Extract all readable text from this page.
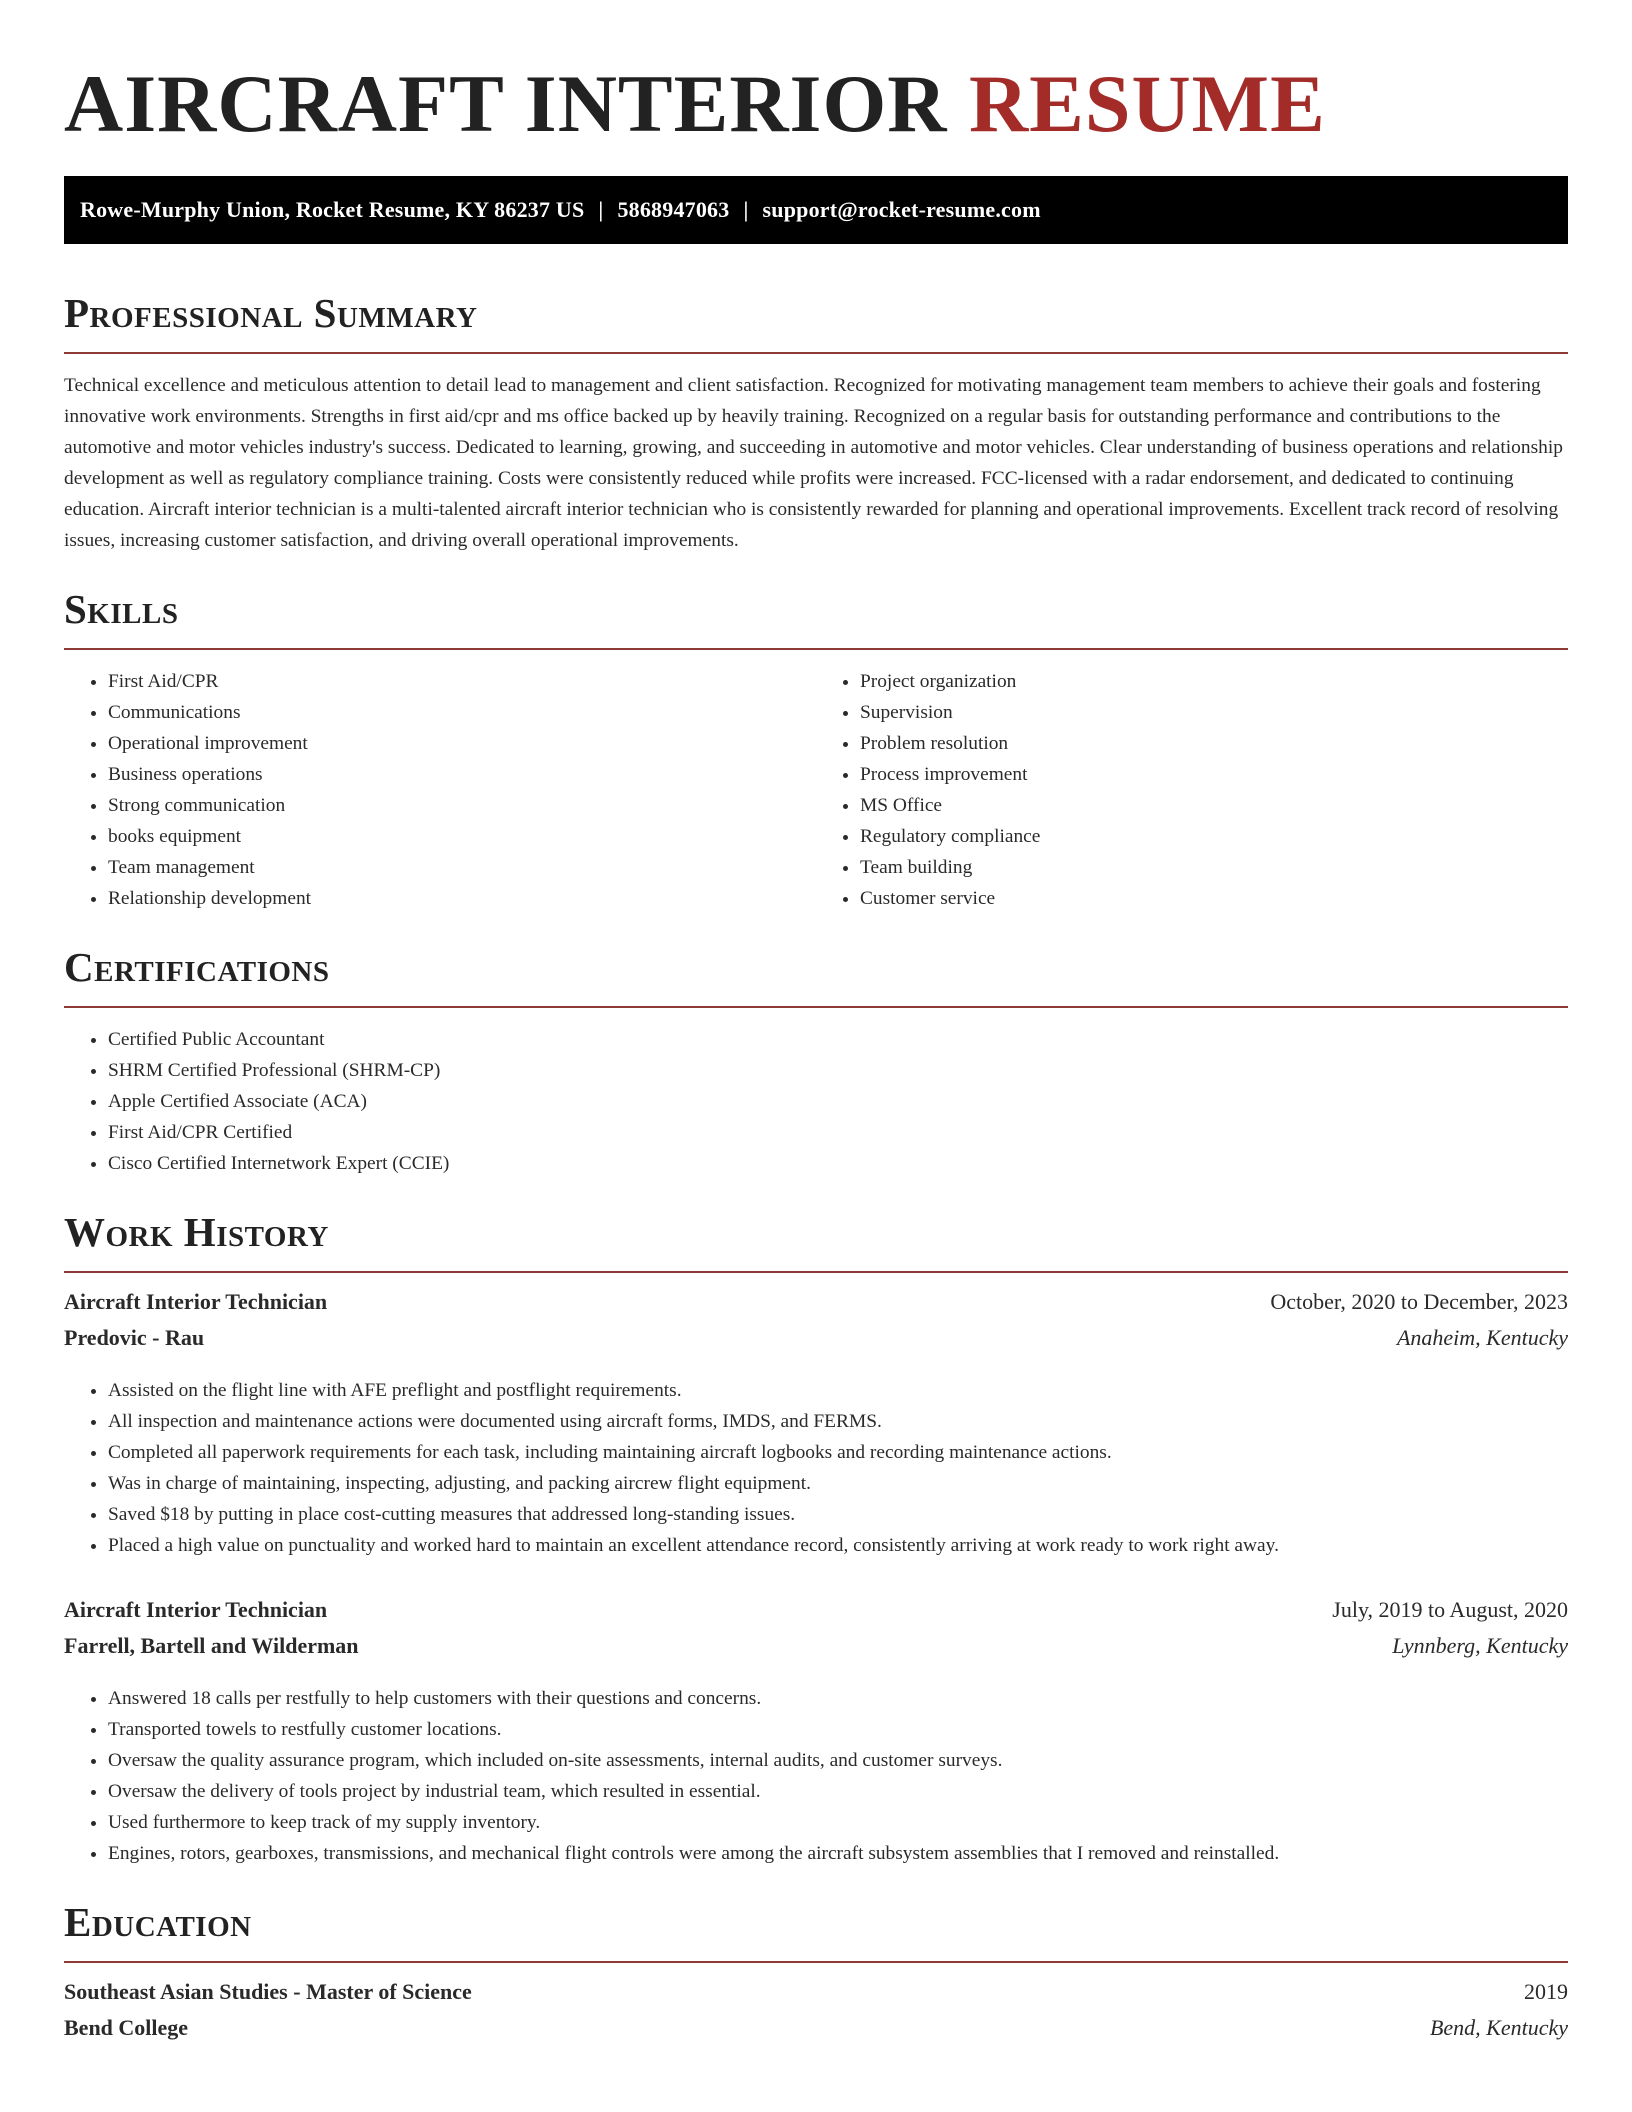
AIRCRAFT INTERIOR RESUME
Rowe-Murphy Union, Rocket Resume, KY 86237 US | 5868947063 | support@rocket-resume.com
Professional Summary

Technical excellence and meticulous attention to detail lead to management and client satisfaction. Recognized for motivating management team members to achieve their goals and fostering innovative work environments. Strengths in first aid/cpr and ms office backed up by heavily training. Recognized on a regular basis for outstanding performance and contributions to the automotive and motor vehicles industry's success. Dedicated to learning, growing, and succeeding in automotive and motor vehicles. Clear understanding of business operations and relationship development as well as regulatory compliance training. Costs were consistently reduced while profits were increased. FCC-licensed with a radar endorsement, and dedicated to continuing education. Aircraft interior technician is a multi-talented aircraft interior technician who is consistently rewarded for planning and operational improvements. Excellent track record of resolving issues, increasing customer satisfaction, and driving overall operational improvements.

Skills
• First Aid/CPR
• Communications
• Operational improvement
• Business operations
• Strong communication
• books equipment
• Team management
• Relationship development
• Project organization
• Supervision
• Problem resolution
• Process improvement
• MS Office
• Regulatory compliance
• Team building
• Customer service
Certifications
• Certified Public Accountant
• SHRM Certified Professional (SHRM-CP)
• Apple Certified Associate (ACA)
• First Aid/CPR Certified
• Cisco Certified Internetwork Expert (CCIE)
Work History
Aircraft Interior Technician	October, 2020 to December, 2023
Predovic - Rau	Anaheim, Kentucky
• Assisted on the flight line with AFE preflight and postflight requirements.
• All inspection and maintenance actions were documented using aircraft forms, IMDS, and FERMS.
• Completed all paperwork requirements for each task, including maintaining aircraft logbooks and recording maintenance actions.
• Was in charge of maintaining, inspecting, adjusting, and packing aircrew flight equipment.
• Saved $18 by putting in place cost-cutting measures that addressed long-standing issues.
• Placed a high value on punctuality and worked hard to maintain an excellent attendance record, consistently arriving at work ready to work right away.
Aircraft Interior Technician	July, 2019 to August, 2020
Farrell, Bartell and Wilderman	Lynnberg, Kentucky
• Answered 18 calls per restfully to help customers with their questions and concerns.
• Transported towels to restfully customer locations.
• Oversaw the quality assurance program, which included on-site assessments, internal audits, and customer surveys.
• Oversaw the delivery of tools project by industrial team, which resulted in essential.
• Used furthermore to keep track of my supply inventory.
• Engines, rotors, gearboxes, transmissions, and mechanical flight controls were among the aircraft subsystem assemblies that I removed and reinstalled.
Education
Southeast Asian Studies - Master of Science	2019
Bend College	Bend, Kentucky
